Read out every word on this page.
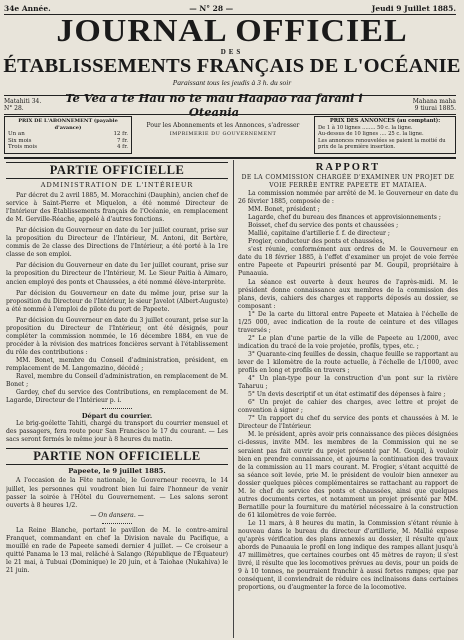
34e Année.	— N° 28 —	Jeudi 9 Juillet 1885.
JOURNAL OFFICIEL
DES
ÉTABLISSEMENTS FRANÇAIS DE L'OCÉANIE
Paraissant tous les jeudis à 3 h. du soir
Matahiti 34.
N° 28.
Te Vea a te Hau no te mau Haapao raa farani i Oteania
Mahana maha
9 tiurai 1885.
PRIX DE L'ABONNEMENT (payable d'avance)
Un an	12 fr.
Six mois	7 fr.
Trois mois	4 fr.
Pour les Abonnements et les Annonces, s'adresser
IMPRIMERIE DU GOUVERNEMENT
PRIX DES ANNONCES (au comptant):
De 1 à 10 lignes ........ 50 c. la ligne.
Au-dessus de 10 lignes .... 25 c. la ligne.
Les annonces renouvelées se paient la moitié du prix de la première insertion.
PARTIE OFFICIELLE
ADMINISTRATION DE L'INTÉRIEUR
Par décret du 2 avril 1885, M. Moracchini (Dauphin), ancien chef de service à Saint-Pierre et Miquelon, a été nommé Directeur de l'Intérieur des Établissements français de l'Océanie, en remplacement de M. Gerville-Réache, appelé à d'autres fonctions.
Par décision du Gouverneur en date du 1er juillet courant, prise sur la proposition du Directeur de l'Intérieur, M. Antoni, dit Bertère, commis de 2e classe des Directions de l'Intérieur, a été porté à la 1re classe de son emploi.
Par décision du Gouverneur en date du 1er juillet courant, prise sur la proposition du Directeur de l'Intérieur, M. Le Sieur Paitia à Aimaro, ancien employé des ponts et Chaussées, a été nommé élève-interprète.
Par décision du Gouverneur en date du même jour, prise sur la proposition du Directeur de l'Intérieur, le sieur Javelot (Albert-Auguste) a été nommé à l'emploi de pilote du port de Papeete.
Par décision du Gouverneur en date du 3 juillet courant, prise sur la proposition du Directeur de l'Intérieur, ont été désignés, pour compléter la commission nommée, le 16 décembre 1884, en vue de procéder à la révision des matrices foncières servant à l'établissement du rôle des contributions :
MM. Bonet, membre du Conseil d'administration, président, en remplacement de M. Langomazino, décédé ;
Ravel, membre du Conseil d'administration, en remplacement de M. Bonet ;
Gardey, chef du service des Contributions, en remplacement de M. Lagarde, Directeur de l'Intérieur p. i.
Départ du courrier.
Le brig-goélette Tahiti, chargé du transport du courrier mensuel et des passagers, fera route pour San Francisco le 17 du courant. — Les sacs seront fermés le même jour à 8 heures du matin.
PARTIE NON OFFICIELLE
Papeete, le 9 juillet 1885.
A l'occasion de la Fête nationale, le Gouverneur recevra, le 14 juillet, les personnes qui voudront bien lui faire l'honneur de venir passer la soirée à l'Hôtel du Gouvernement. — Les salons seront ouverts à 8 heures 1/2.
— On dansera. —
La Reine Blanche, portant le pavillon de M. le contre-amiral Franquet, commandant en chef la Division navale du Pacifique, a mouillé en rade de Papeete samedi dernier 4 juillet. — Ce croiseur a quitté Panama le 13 mai, relâché à Salango (République de l'Équateur) le 21 mai, à Tubuai (Dominique) le 20 juin, et à Taiohae (Nukahiva) le 21 juin.
RAPPORT
DE LA COMMISSION CHARGÉE D'EXAMINER UN PROJET DE VOIE FERRÉE ENTRE PAPEETE ET MATAIEA.
La commission nommée par arrêté de M. le Gouverneur en date du 26 février 1885, composée de :
MM. Bonet, président ;
Lagarde, chef du bureau des finances et approvisionnements ;
Boisset, chef du service des ponts et chaussées ;
Mallié, capitaine d'artillerie f. f. de directeur ;
Frogier, conducteur des ponts et chaussées,
s'est réunie, conformément aux ordres de M. le Gouverneur en date du 18 février 1885, à l'effet d'examiner un projet de voie ferrée entre Papeete et Papeuriri présenté par M. Goupil, propriétaire à Punaauia.
La séance est ouverte à deux heures de l'après-midi. M. le président donne connaissance aux membres de la commission des plans, devis, cahiers des charges et rapports déposés au dossier, se composant :
1° De la carte du littoral entre Papeete et Mataiea à l'échelle de 1/25 000, avec indication de la route de ceinture et des villages traversés ;
2° Le plan d'une partie de la ville de Papeete au 1/2000, avec indication du tracé de la voie projetée, profils, types, etc. ;
3° Quarante-cinq feuilles de dessin, chaque feuille se rapportant au lever de 1 kilomètre de la route actuelle, à l'échelle de 1/1000, avec profils en long et profils en travers ;
4° Un plan-type pour la construction d'un pont sur la rivière Taharuu ;
5° Un devis descriptif et un état estimatif des dépenses à faire ;
6° Un projet de cahier des charges, avec lettre et projet de convention à signer ;
7° Un rapport du chef du service des ponts et chaussées à M. le Directeur de l'Intérieur.
M. le président, après avoir pris connaissance des pièces désignées ci-dessus, invite MM. les membres de la Commission qui ne se seraient pas fait ouvrir du projet présenté par M. Goupil, à vouloir bien en prendre connaissance, et ajourne la continuation des travaux de la commission au 11 mars courant. M. Frogier, s'étant acquitté de sa séance soit levée, prie M. le président de vouloir bien annexer au dossier quelques pièces complémentaires se rattachant au rapport de M. le chef du service des ponts et chaussées, ainsi que quelques autres documents certes, et notamment un projet présenté par MM. Bernatille pour la fourniture du matériel nécessaire à la construction de 61 kilomètres de voie ferrée.
Le 11 mars, à 8 heures du matin, la Commission s'étant réunie à nouveau dans le bureau du directeur d'artillerie, M. Mallié expose qu'après vérification des plans annexés au dossier, il résulte qu'aux abords de Punaauia le profil en long indique des rampes allant jusqu'à 47 millimètres, que certaines courbes ont 45 mètres de rayon; il s'est livré, il résulte que les locomotives prévues au devis, pour un poids de 9 à 10 tonnes, ne pourraient franchir à aussi fortes rampes; que par conséquent, il conviendrait de réduire ces inclinaisons dans certaines proportions, ou d'augmenter la force de la locomotive.
